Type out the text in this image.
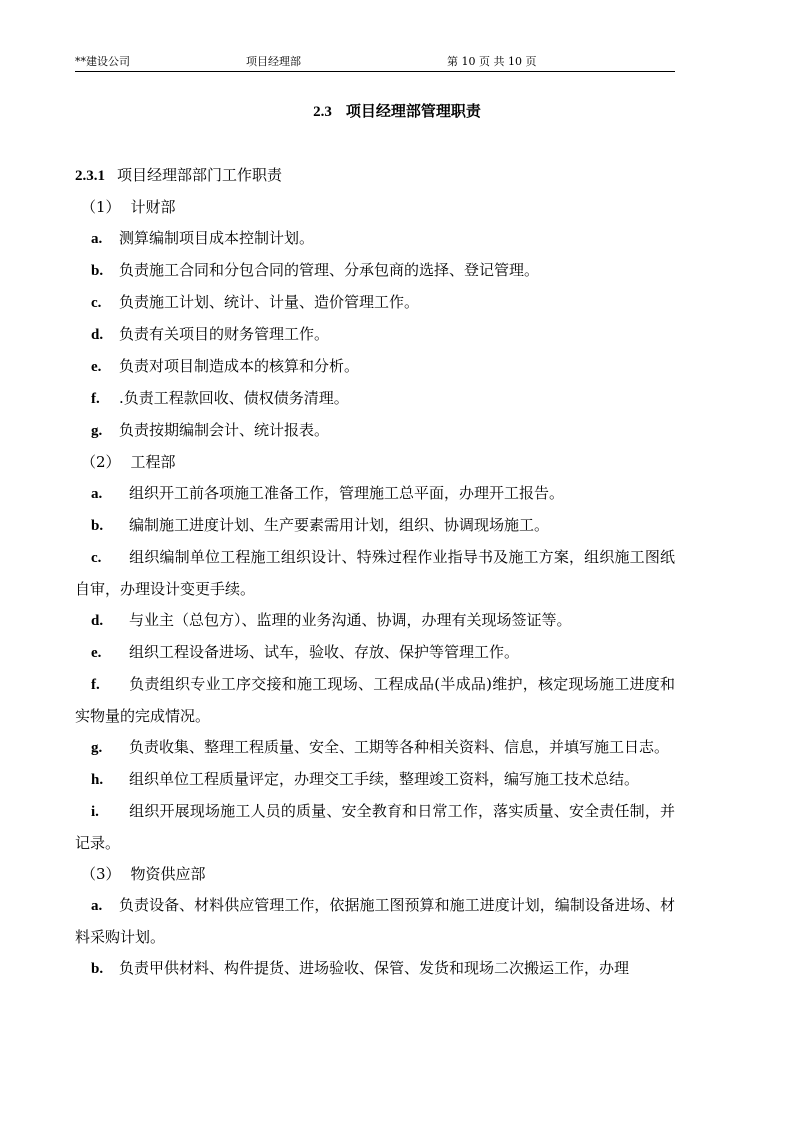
**建设公司	项目经理部	第 10 页 共 10 页
2.3 项目经理部管理职责
2.3.1 项目经理部部门工作职责
（1） 计财部
a. 测算编制项目成本控制计划。
b. 负责施工合同和分包合同的管理、分承包商的选择、登记管理。
c. 负责施工计划、统计、计量、造价管理工作。
d. 负责有关项目的财务管理工作。
e. 负责对项目制造成本的核算和分析。
f. .负责工程款回收、债权债务清理。
g. 负责按期编制会计、统计报表。
（2） 工程部
a. 组织开工前各项施工准备工作，管理施工总平面，办理开工报告。
b. 编制施工进度计划、生产要素需用计划，组织、协调现场施工。
c. 组织编制单位工程施工组织设计、特殊过程作业指导书及施工方案，组织施工图纸自审，办理设计变更手续。
d. 与业主（总包方）、监理的业务沟通、协调，办理有关现场签证等。
e. 组织工程设备进场、试车，验收、存放、保护等管理工作。
f. 负责组织专业工序交接和施工现场、工程成品(半成品)维护，核定现场施工进度和实物量的完成情况。
g. 负责收集、整理工程质量、安全、工期等各种相关资料、信息，并填写施工日志。
h. 组织单位工程质量评定，办理交工手续，整理竣工资料，编写施工技术总结。
i. 组织开展现场施工人员的质量、安全教育和日常工作，落实质量、安全责任制，并记录。
（3） 物资供应部
a. 负责设备、材料供应管理工作，依据施工图预算和施工进度计划，编制设备进场、材料采购计划。
b. 负责甲供材料、构件提货、进场验收、保管、发货和现场二次搬运工作，办理
